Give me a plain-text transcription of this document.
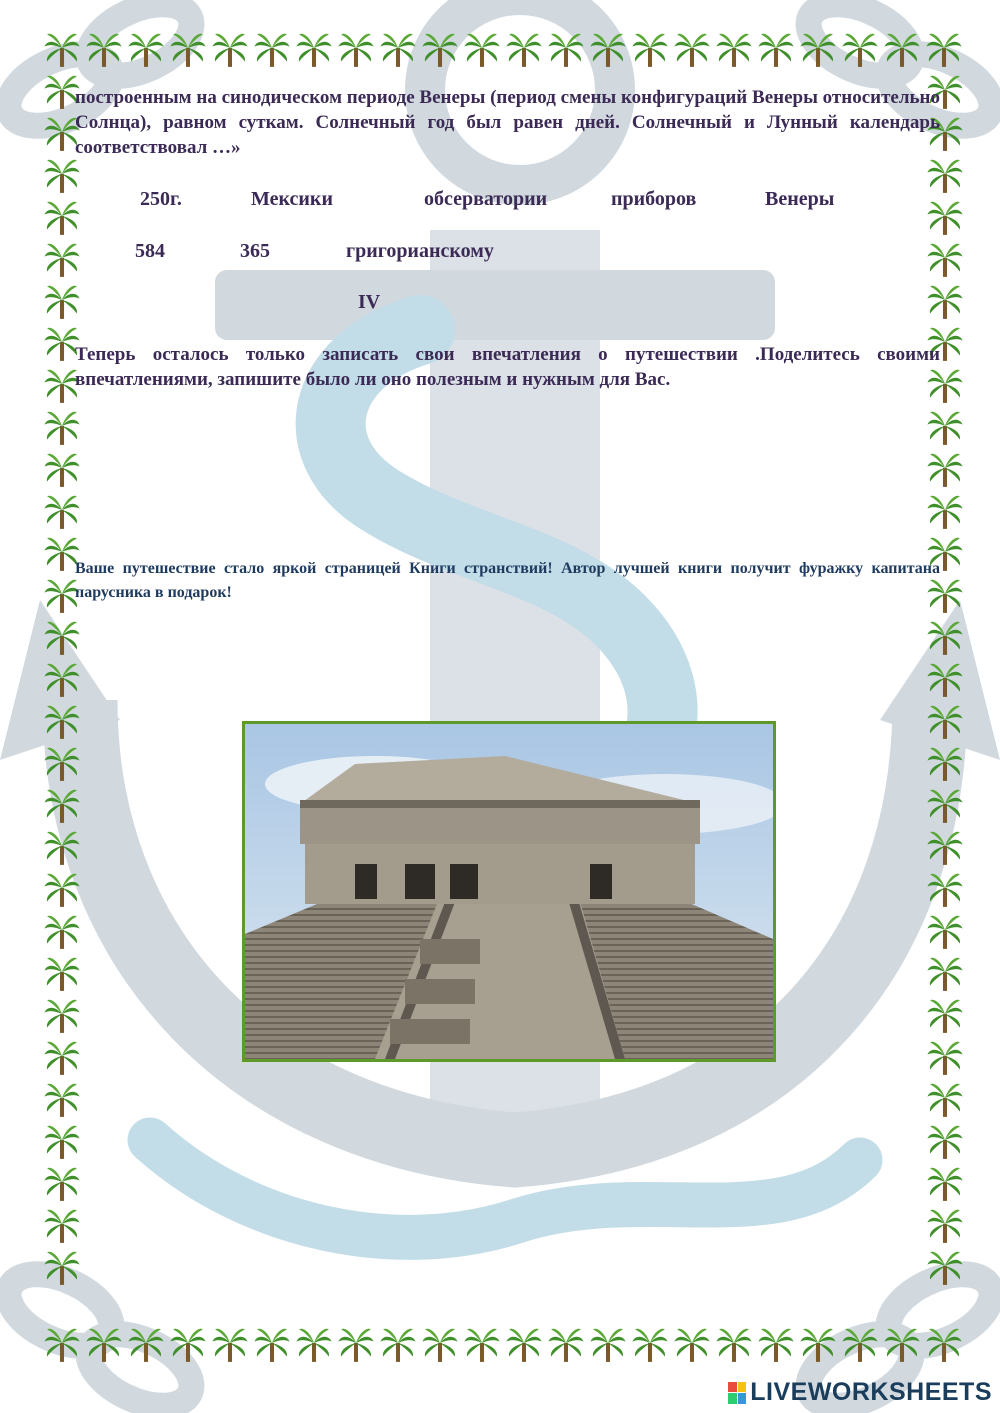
построенным на синодическом периоде Венеры (период смены конфигураций Венеры относительно Солнца), равном суткам. Солнечный год был равен дней. Солнечный и Лунный календарь соответствовал …»
250г.	Мексики	обсерватории	приборов	Венеры
584	365	григорианскому
IV
Теперь осталось только записать свои впечатления о путешествии .Поделитесь своими впечатлениями, запишите было ли оно полезным и нужным для Вас.
Ваше путешествие стало яркой страницей Книги странствий! Автор лучшей книги получит фуражку капитана парусника в подарок!
LIVEWORKSHEETS
